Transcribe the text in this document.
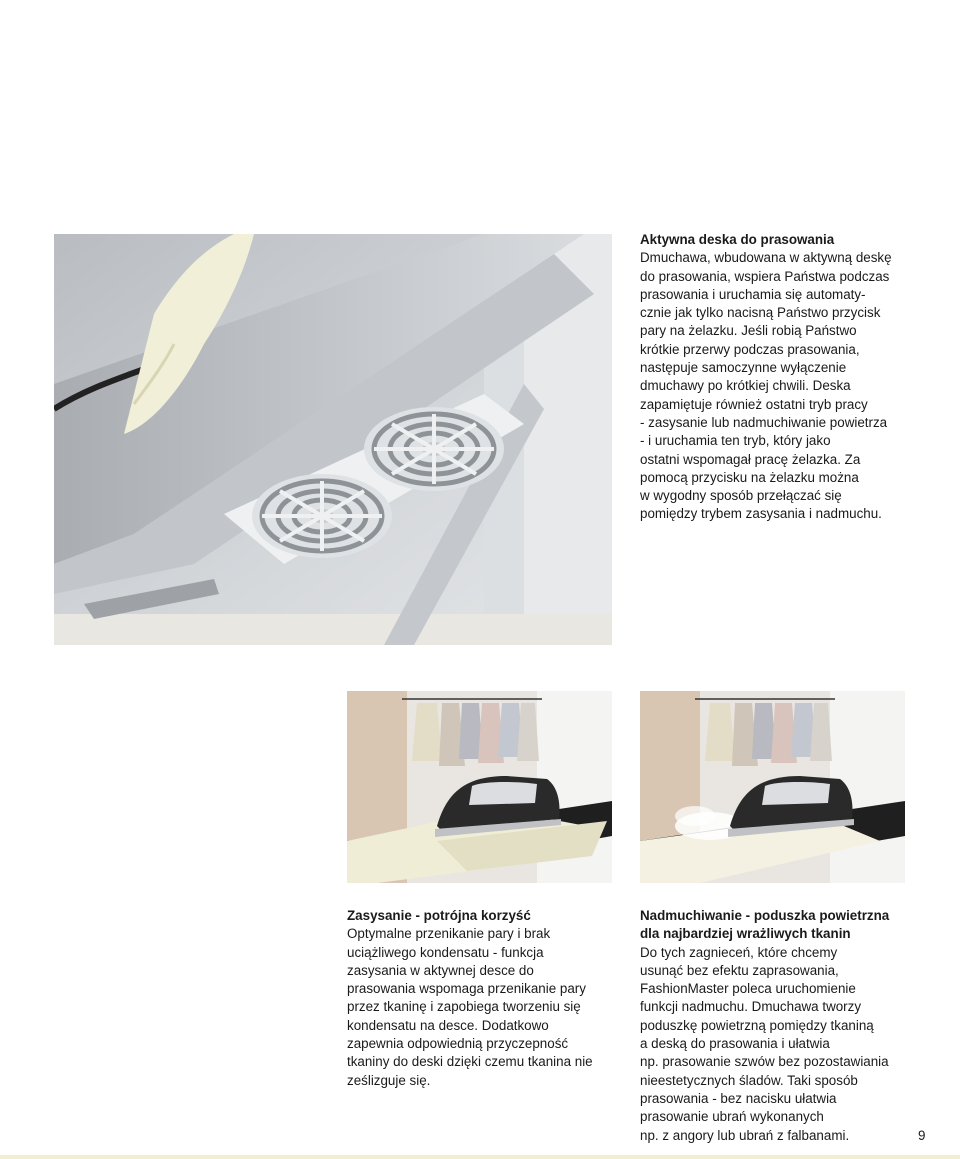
Aktywna deska do prasowania
Dmuchawa, wbudowana w aktywną deskę
do prasowania, wspiera Państwa podczas
prasowania i uruchamia się automaty-
cznie jak tylko nacisną Państwo przycisk
pary na żelazku. Jeśli robią Państwo
krótkie przerwy podczas prasowania,
następuje samoczynne wyłączenie
dmuchawy po krótkiej chwili. Deska
zapamiętuje również ostatni tryb pracy
- zasysanie lub nadmuchiwanie powietrza
- i uruchamia ten tryb, który jako
ostatni wspomagał pracę żelazka. Za
pomocą przycisku na żelazku można
w wygodny sposób przełączać się
pomiędzy trybem zasysania i nadmuchu.
Zasysanie - potrójna korzyść
Optymalne przenikanie pary i brak
uciążliwego kondensatu - funkcja
zasysania w aktywnej desce do
prasowania wspomaga przenikanie pary
przez tkaninę i zapobiega tworzeniu się
kondensatu na desce. Dodatkowo
zapewnia odpowiednią przyczepność
tkaniny do deski dzięki czemu tkanina nie
ześlizguje się.
Nadmuchiwanie - poduszka powietrzna
dla najbardziej wrażliwych tkanin
Do tych zagnieceń, które chcemy
usunąć bez efektu zaprasowania,
FashionMaster poleca uruchomienie
funkcji nadmuchu. Dmuchawa tworzy
poduszkę powietrzną pomiędzy tkaniną
a deską do prasowania i ułatwia
np. prasowanie szwów bez pozostawiania
nieestetycznych śladów. Taki sposób
prasowania - bez nacisku ułatwia
prasowanie ubrań wykonanych
np. z angory lub ubrań z falbanami.	9
